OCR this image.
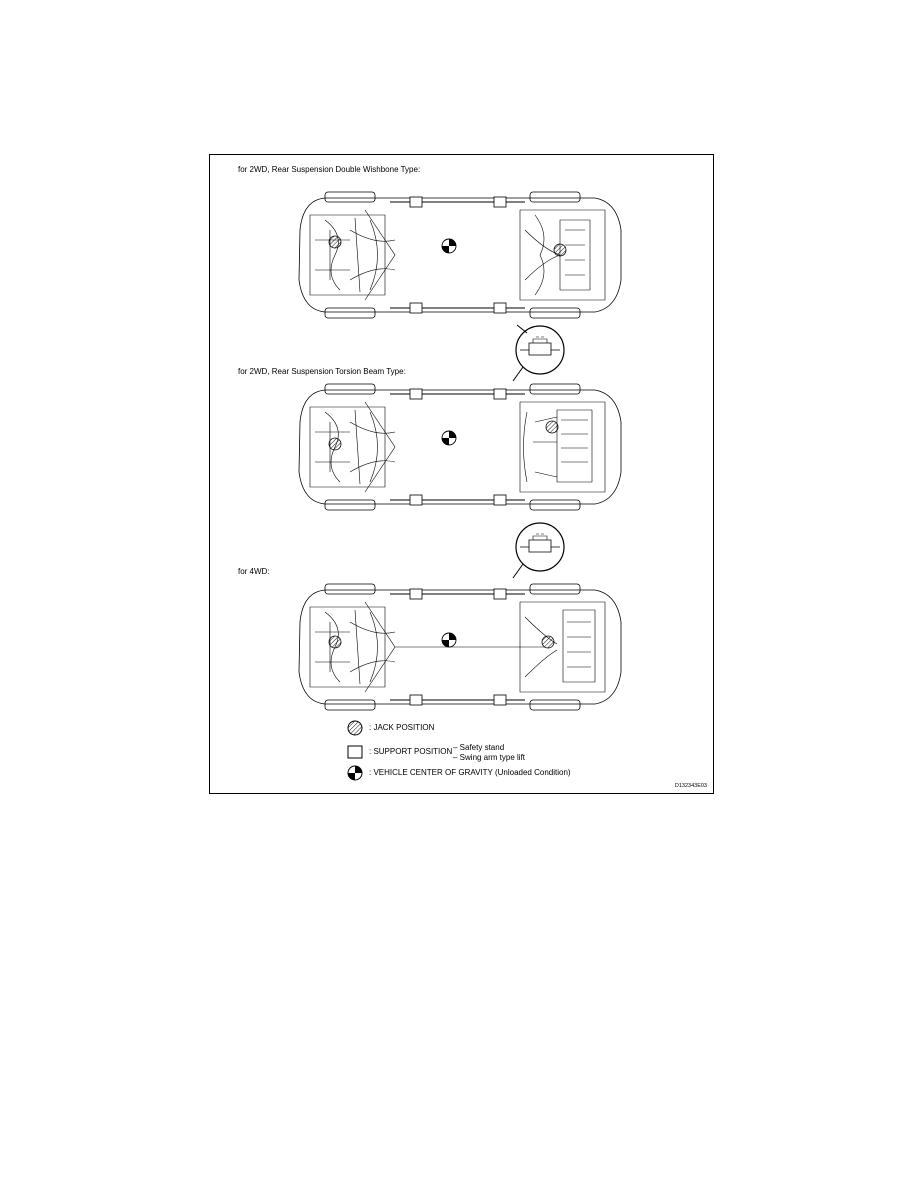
for 2WD, Rear Suspension Double Wishbone Type:
for 2WD, Rear Suspension Torsion Beam Type:
for 4WD:
: JACK POSITION
: SUPPORT POSITION – Safety stand
– Swing arm type lift
: VEHICLE CENTER OF GRAVITY (Unloaded Condition)
D132343E03
